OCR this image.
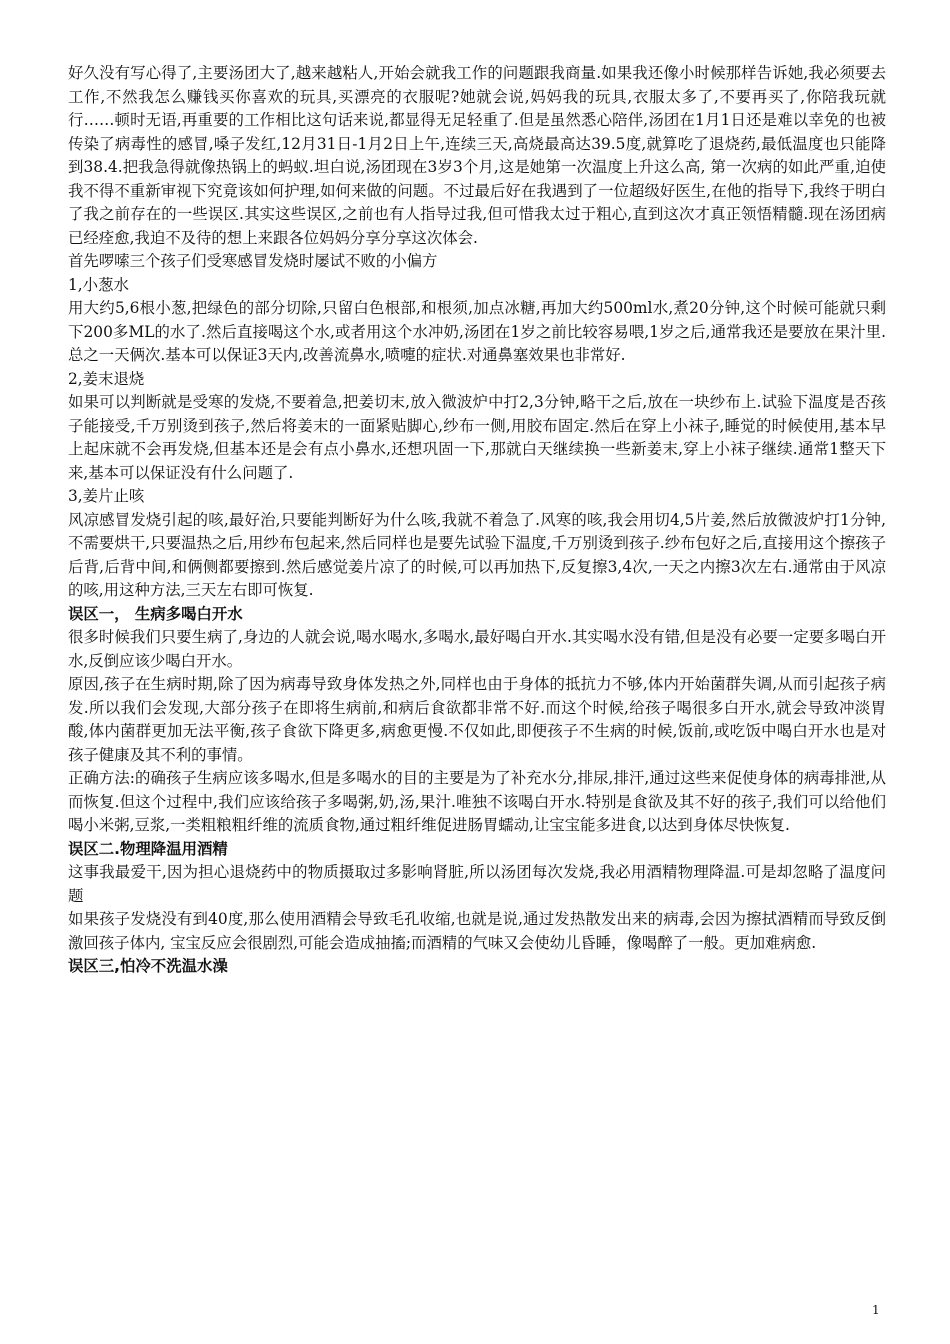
好久没有写心得了,主要汤团大了,越来越粘人,开始会就我工作的问题跟我商量.如果我还像小时候那样告诉她,我必须要去工作,不然我怎么赚钱买你喜欢的玩具,买漂亮的衣服呢?她就会说,妈妈我的玩具,衣服太多了,不要再买了,你陪我玩就行……顿时无语,再重要的工作相比这句话来说,都显得无足轻重了.但是虽然悉心陪伴,汤团在1月1日还是难以幸免的也被传染了病毒性的感冒,嗓子发红,12月31日-1月2日上午,连续三天,高烧最高达39.5度,就算吃了退烧药,最低温度也只能降到38.4.把我急得就像热锅上的蚂蚁.坦白说,汤团现在3岁3个月,这是她第一次温度上升这么高, 第一次病的如此严重,迫使我不得不重新审视下究竟该如何护理,如何来做的问题。不过最后好在我遇到了一位超级好医生,在他的指导下,我终于明白了我之前存在的一些误区.其实这些误区,之前也有人指导过我,但可惜我太过于粗心,直到这次才真正领悟精髓.现在汤团病已经痊愈,我迫不及待的想上来跟各位妈妈分享分享这次体会.

首先啰嗦三个孩子们受寒感冒发烧时屡试不败的小偏方

1,小葱水

用大约5,6根小葱,把绿色的部分切除,只留白色根部,和根须,加点冰糖,再加大约500ml水,煮20分钟,这个时候可能就只剩下200多ML的水了.然后直接喝这个水,或者用这个水冲奶,汤团在1岁之前比较容易喂,1岁之后,通常我还是要放在果汁里.总之一天俩次.基本可以保证3天内,改善流鼻水,喷嚏的症状.对通鼻塞效果也非常好.

2,姜末退烧

如果可以判断就是受寒的发烧,不要着急,把姜切末,放入微波炉中打2,3分钟,略干之后,放在一块纱布上.试验下温度是否孩子能接受,千万别烫到孩子,然后将姜末的一面紧贴脚心,纱布一侧,用胶布固定.然后在穿上小袜子,睡觉的时候使用,基本早上起床就不会再发烧,但基本还是会有点小鼻水,还想巩固一下,那就白天继续换一些新姜末,穿上小袜子继续.通常1整天下来,基本可以保证没有什么问题了.

3,姜片止咳

风凉感冒发烧引起的咳,最好治,只要能判断好为什么咳,我就不着急了.风寒的咳,我会用切4,5片姜,然后放微波炉打1分钟,不需要烘干,只要温热之后,用纱布包起来,然后同样也是要先试验下温度,千万别烫到孩子.纱布包好之后,直接用这个擦孩子后背,后背中间,和俩侧都要擦到.然后感觉姜片凉了的时候,可以再加热下,反复擦3,4次,一天之内擦3次左右.通常由于风凉的咳,用这种方法,三天左右即可恢复.

误区一， 生病多喝白开水

很多时候我们只要生病了,身边的人就会说,喝水喝水,多喝水,最好喝白开水.其实喝水没有错,但是没有必要一定要多喝白开水,反倒应该少喝白开水。

原因,孩子在生病时期,除了因为病毒导致身体发热之外,同样也由于身体的抵抗力不够,体内开始菌群失调,从而引起孩子病发.所以我们会发现,大部分孩子在即将生病前,和病后食欲都非常不好.而这个时候,给孩子喝很多白开水,就会导致冲淡胃酸,体内菌群更加无法平衡,孩子食欲下降更多,病愈更慢.不仅如此,即便孩子不生病的时候,饭前,或吃饭中喝白开水也是对孩子健康及其不利的事情。

正确方法:的确孩子生病应该多喝水,但是多喝水的目的主要是为了补充水分,排尿,排汗,通过这些来促使身体的病毒排泄,从而恢复.但这个过程中,我们应该给孩子多喝粥,奶,汤,果汁.唯独不该喝白开水.特别是食欲及其不好的孩子,我们可以给他们喝小米粥,豆浆,一类粗粮粗纤维的流质食物,通过粗纤维促进肠胃蠕动,让宝宝能多进食,以达到身体尽快恢复.

误区二.物理降温用酒精

这事我最爱干,因为担心退烧药中的物质摄取过多影响肾脏,所以汤团每次发烧,我必用酒精物理降温.可是却忽略了温度问题

如果孩子发烧没有到40度,那么使用酒精会导致毛孔收缩,也就是说,通过发热散发出来的病毒,会因为擦拭酒精而导致反倒激回孩子体内, 宝宝反应会很剧烈,可能会造成抽搐;而酒精的气味又会使幼儿昏睡，像喝醉了一般。更加难病愈.

误区三,怕冷不洗温水澡

1
